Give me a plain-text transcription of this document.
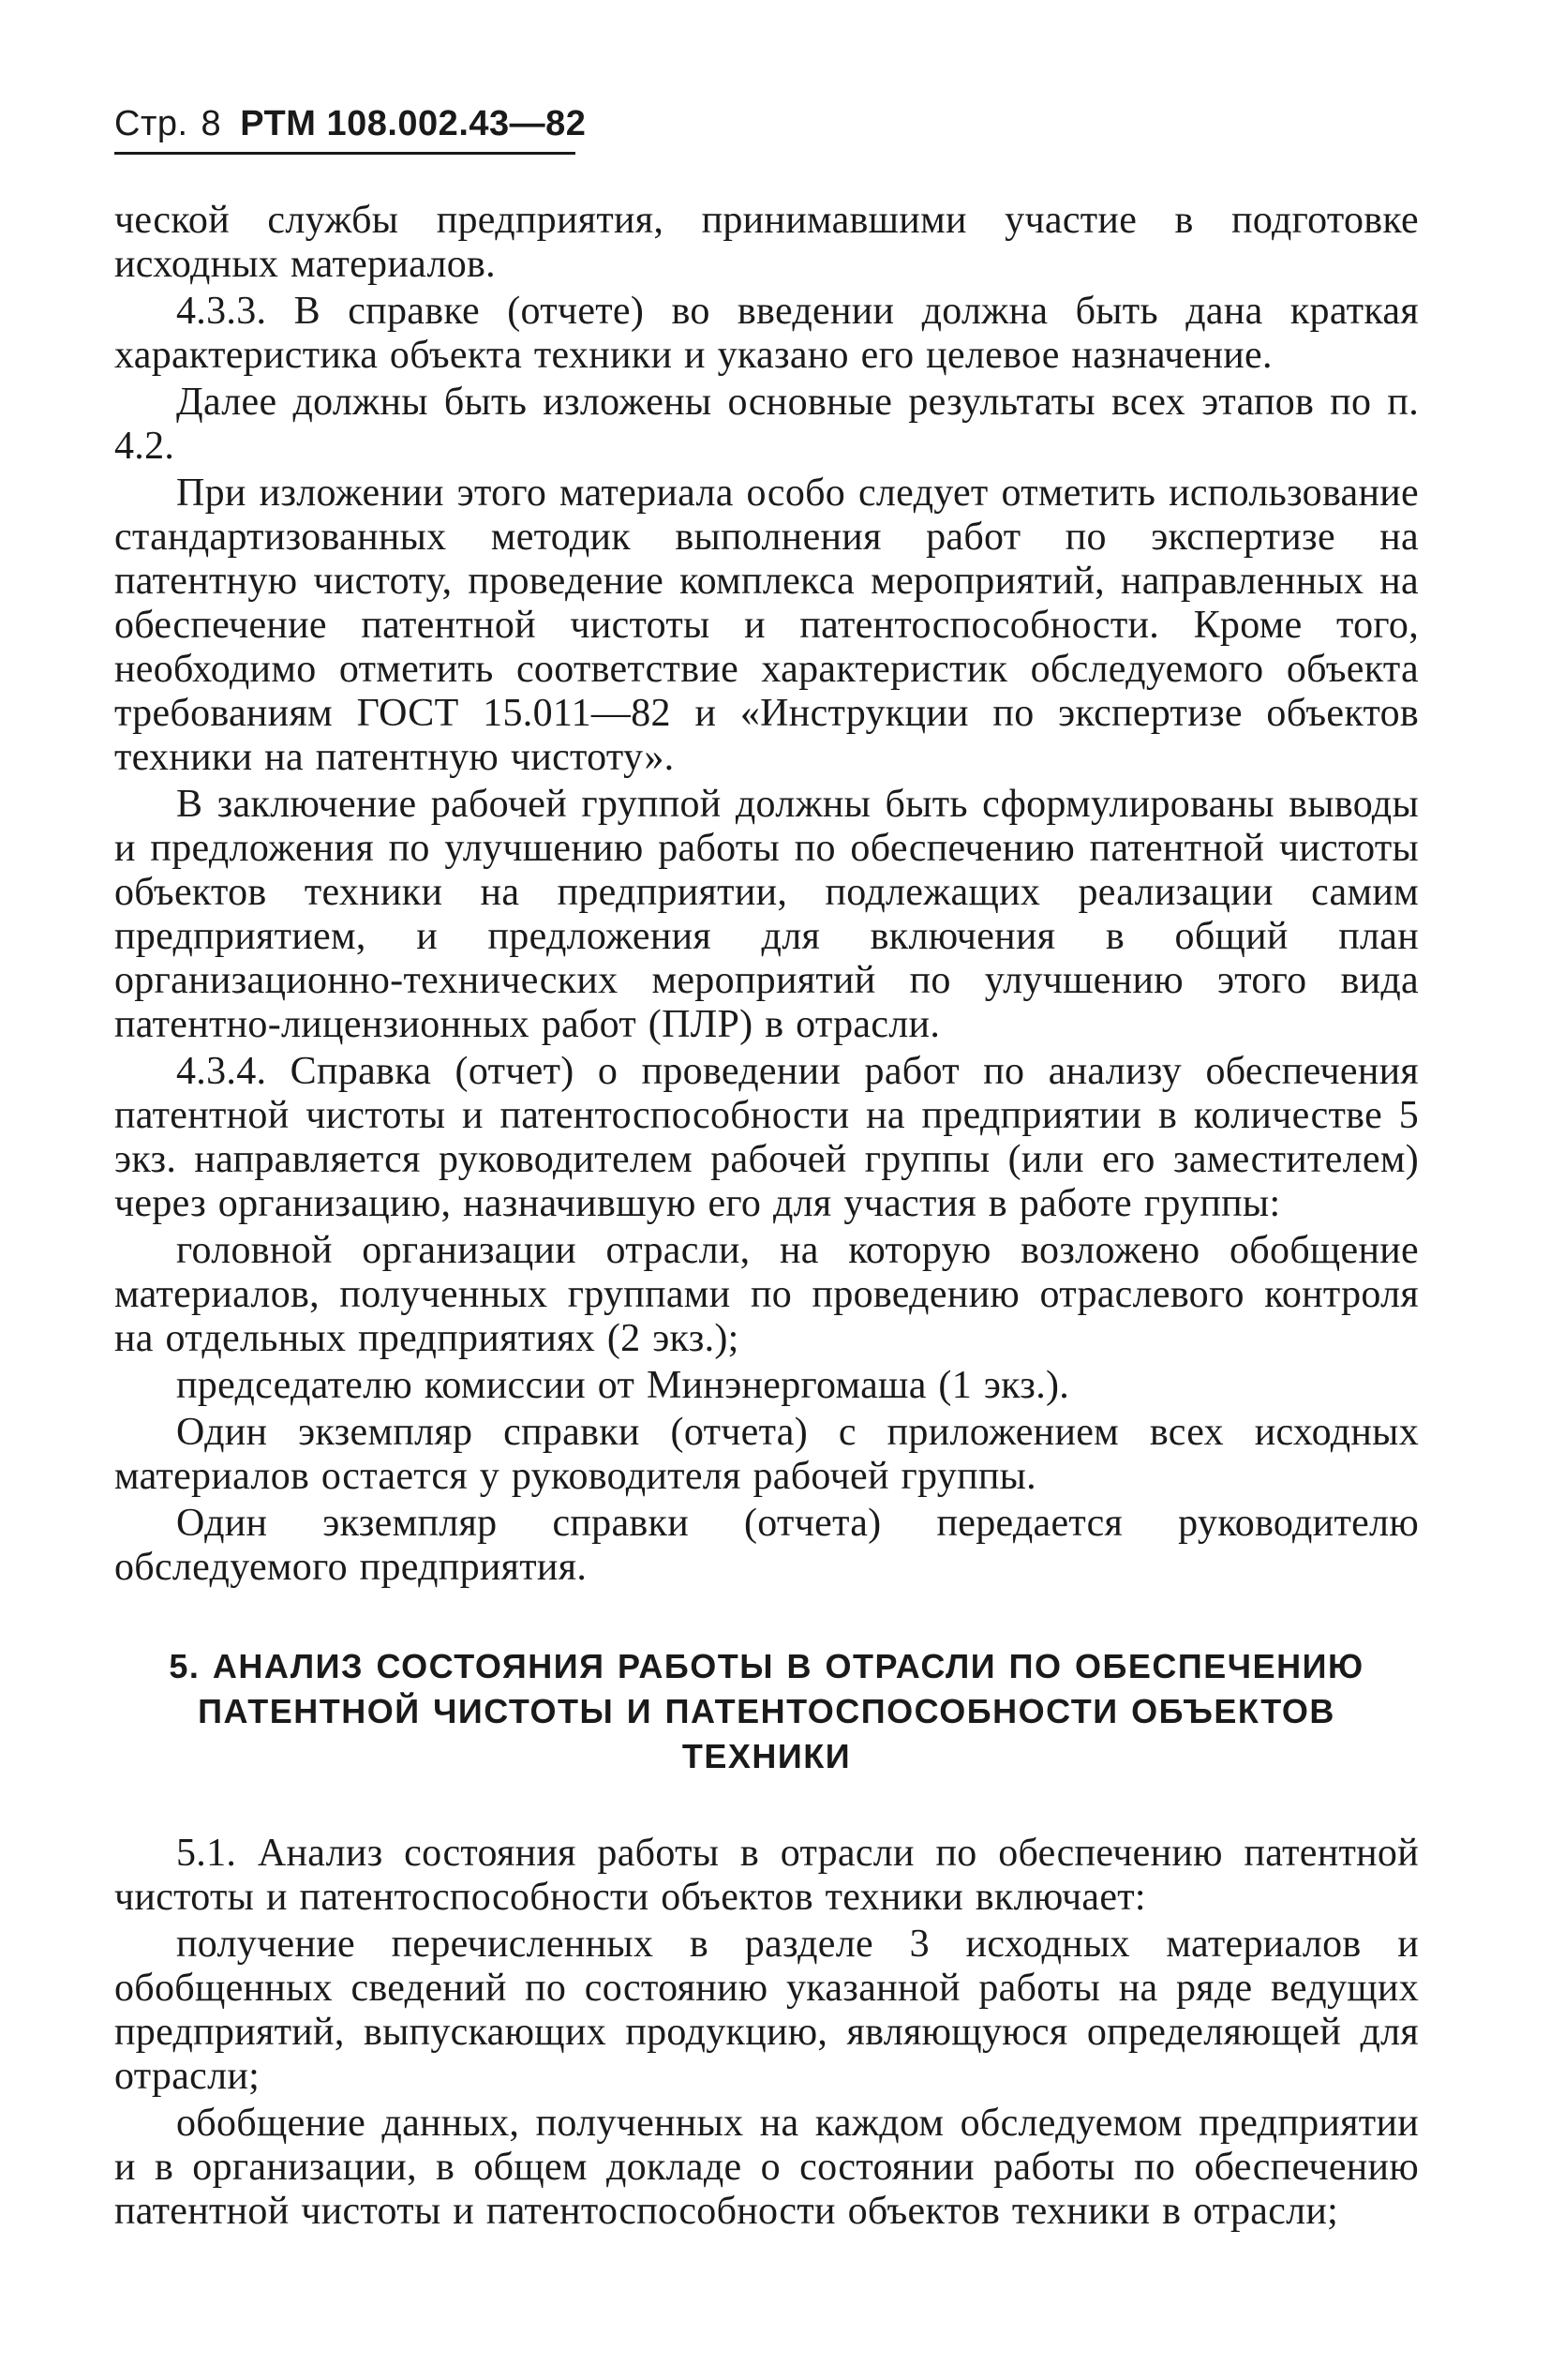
Стр. 8 РТМ 108.002.43—82

ческой службы предприятия, принимавшими участие в подготовке исходных материалов.

4.3.3. В справке (отчете) во введении должна быть дана краткая характеристика объекта техники и указано его целевое назначение.

Далее должны быть изложены основные результаты всех этапов по п. 4.2.

При изложении этого материала особо следует отметить использование стандартизованных методик выполнения работ по экспертизе на патентную чистоту, проведение комплекса мероприятий, направленных на обеспечение патентной чистоты и патентоспособности. Кроме того, необходимо отметить соответствие характеристик обследуемого объекта требованиям ГОСТ 15.011—82 и «Инструкции по экспертизе объектов техники на патентную чистоту».

В заключение рабочей группой должны быть сформулированы выводы и предложения по улучшению работы по обеспечению патентной чистоты объектов техники на предприятии, подлежащих реализации самим предприятием, и предложения для включения в общий план организационно-технических мероприятий по улучшению этого вида патентно-лицензионных работ (ПЛР) в отрасли.

4.3.4. Справка (отчет) о проведении работ по анализу обеспечения патентной чистоты и патентоспособности на предприятии в количестве 5 экз. направляется руководителем рабочей группы (или его заместителем) через организацию, назначившую его для участия в работе группы:

головной организации отрасли, на которую возложено обобщение материалов, полученных группами по проведению отраслевого контроля на отдельных предприятиях (2 экз.);

председателю комиссии от Минэнергомаша (1 экз.).

Один экземпляр справки (отчета) с приложением всех исходных материалов остается у руководителя рабочей группы.

Один экземпляр справки (отчета) передается руководителю обследуемого предприятия.

5. АНАЛИЗ СОСТОЯНИЯ РАБОТЫ В ОТРАСЛИ ПО ОБЕСПЕЧЕНИЮ
ПАТЕНТНОЙ ЧИСТОТЫ И ПАТЕНТОСПОСОБНОСТИ ОБЪЕКТОВ ТЕХНИКИ

5.1. Анализ состояния работы в отрасли по обеспечению патентной чистоты и патентоспособности объектов техники включает:

получение перечисленных в разделе 3 исходных материалов и обобщенных сведений по состоянию указанной работы на ряде ведущих предприятий, выпускающих продукцию, являющуюся определяющей для отрасли;

обобщение данных, полученных на каждом обследуемом предприятии и в организации, в общем докладе о состоянии работы по обеспечению патентной чистоты и патентоспособности объектов техники в отрасли;
